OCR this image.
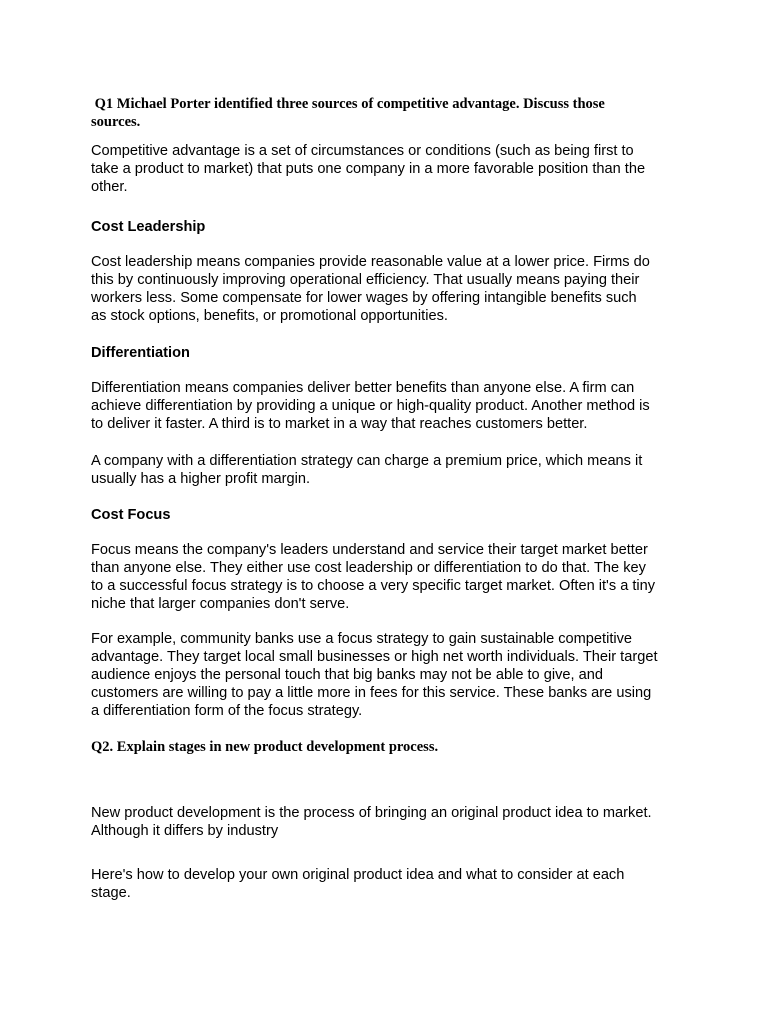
Q1 Michael Porter identified three sources of competitive advantage. Discuss those
sources.
Competitive advantage is a set of circumstances or conditions (such as being first to
take a product to market) that puts one company in a more favorable position than the
other.
Cost Leadership
Cost leadership means companies provide reasonable value at a lower price. Firms do
this by continuously improving operational efficiency. That usually means paying their
workers less. Some compensate for lower wages by offering intangible benefits such
as stock options, benefits, or promotional opportunities.
Differentiation
Differentiation means companies deliver better benefits than anyone else. A firm can
achieve differentiation by providing a unique or high-quality product. Another method is
to deliver it faster. A third is to market in a way that reaches customers better.
A company with a differentiation strategy can charge a premium price, which means it
usually has a higher profit margin.
Cost Focus
Focus means the company's leaders understand and service their target market better
than anyone else. They either use cost leadership or differentiation to do that. The key
to a successful focus strategy is to choose a very specific target market. Often it's a tiny
niche that larger companies don't serve.
For example, community banks use a focus strategy to gain sustainable competitive
advantage. They target local small businesses or high net worth individuals. Their target
audience enjoys the personal touch that big banks may not be able to give, and
customers are willing to pay a little more in fees for this service. These banks are using
a differentiation form of the focus strategy.
Q2. Explain stages in new product development process.
New product development is the process of bringing an original product idea to market.
Although it differs by industry
Here's how to develop your own original product idea and what to consider at each
stage.
